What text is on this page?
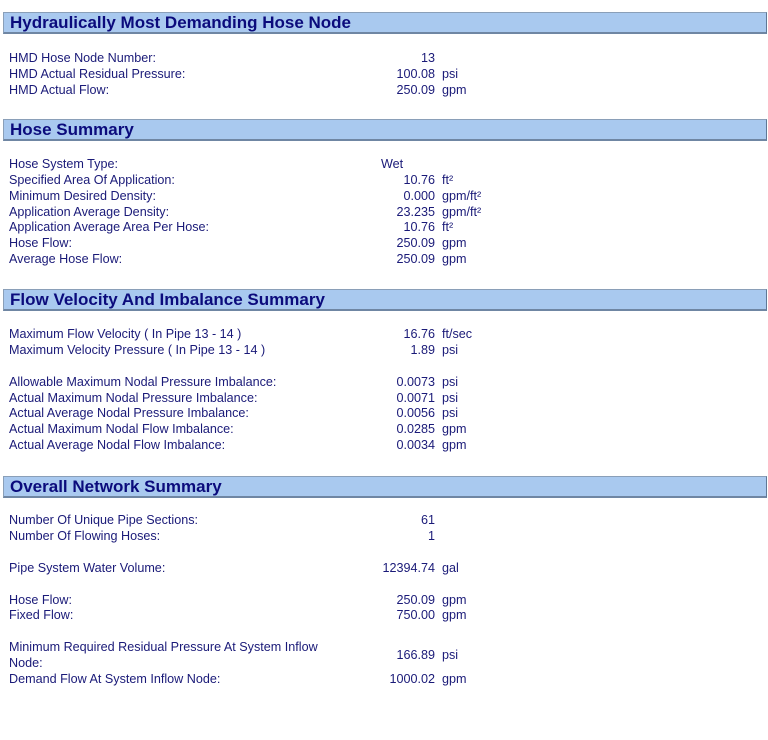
Hydraulically Most Demanding Hose Node
HMD Hose Node Number:	13
HMD Actual Residual Pressure:	100.08 psi
HMD Actual Flow:	250.09 gpm
Hose Summary
Hose System Type:	Wet
Specified Area Of Application:	10.76 ft²
Minimum Desired Density:	0.000 gpm/ft²
Application Average Density:	23.235 gpm/ft²
Application Average Area Per Hose:	10.76 ft²
Hose Flow:	250.09 gpm
Average Hose Flow:	250.09 gpm
Flow Velocity And Imbalance Summary
Maximum Flow Velocity ( In Pipe 13 - 14 )	16.76 ft/sec
Maximum Velocity Pressure ( In Pipe 13 - 14 )	1.89 psi
Allowable Maximum Nodal Pressure Imbalance:	0.0073 psi
Actual Maximum Nodal Pressure Imbalance:	0.0071 psi
Actual Average Nodal Pressure Imbalance:	0.0056 psi
Actual Maximum Nodal Flow Imbalance:	0.0285 gpm
Actual Average Nodal Flow Imbalance:	0.0034 gpm
Overall Network Summary
Number Of Unique Pipe Sections:	61
Number Of Flowing Hoses:	1
Pipe System Water Volume:	12394.74 gal
Hose Flow:	250.09 gpm
Fixed Flow:	750.00 gpm
Minimum Required Residual Pressure At System Inflow Node:
166.89 psi
Demand Flow At System Inflow Node:	1000.02 gpm
